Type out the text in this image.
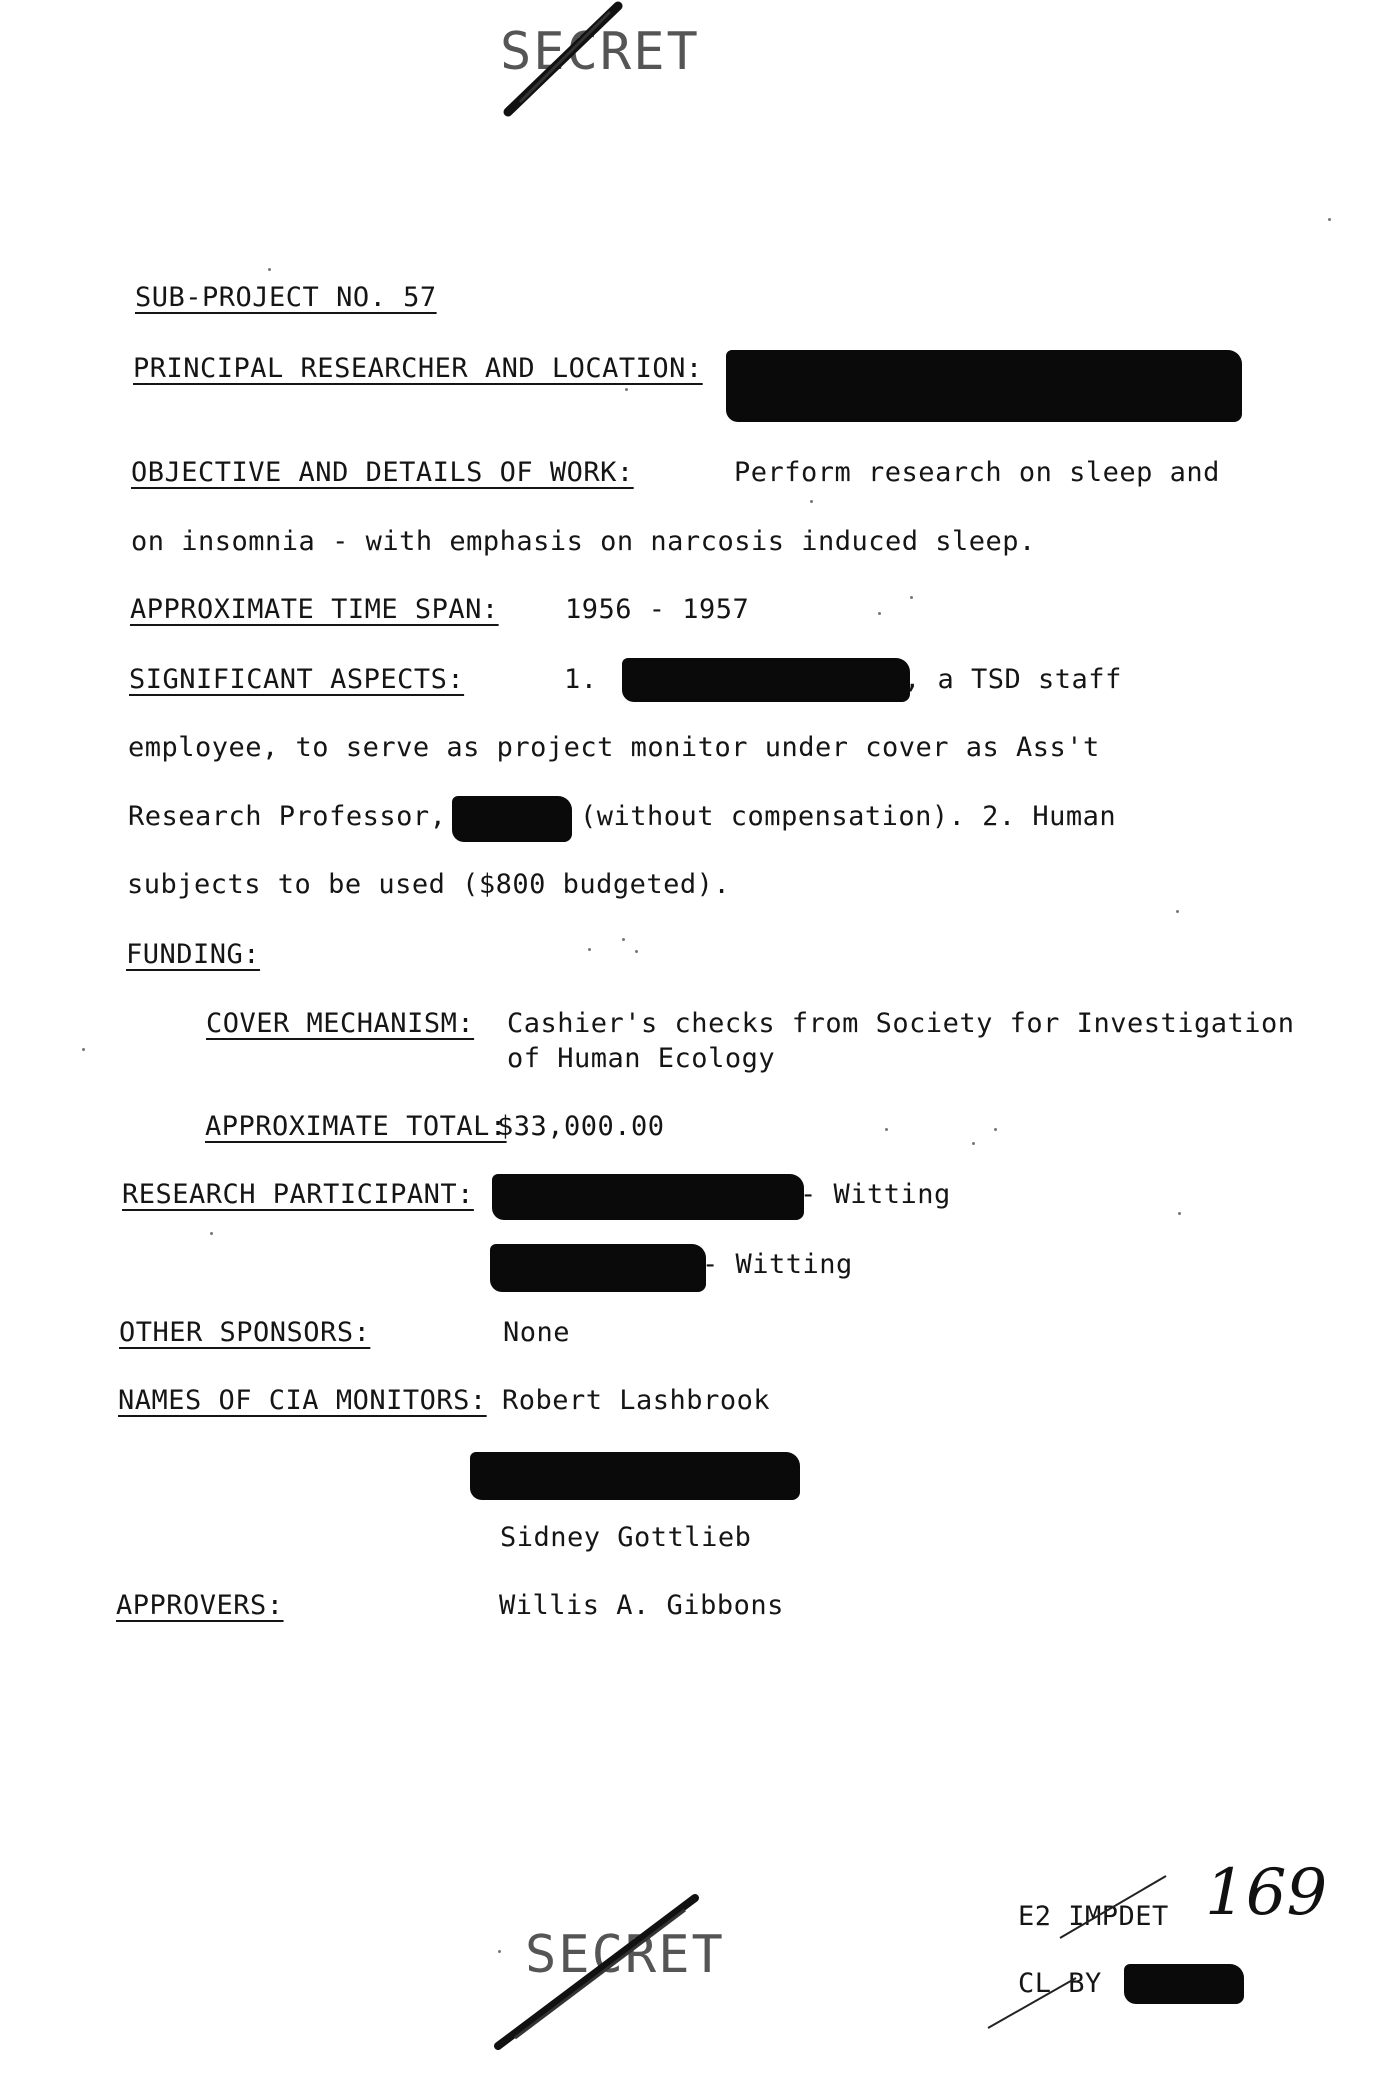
SECRET
SUB-PROJECT NO. 57
PRINCIPAL RESEARCHER AND LOCATION:
OBJECTIVE AND DETAILS OF WORK:	Perform research on sleep and
on insomnia - with emphasis on narcosis induced sleep.
APPROXIMATE TIME SPAN: 1956 - 1957
SIGNIFICANT ASPECTS:	1.	, a TSD staff
employee, to serve as project monitor under cover as Ass't
Research Professor,	(without compensation). 2. Human
subjects to be used ($800 budgeted).
FUNDING:
COVER MECHANISM: Cashier's checks from Society for Investigation
of Human Ecology
APPROXIMATE TOTAL:
$33,000.00
RESEARCH PARTICIPANT:	- Witting
- Witting
OTHER SPONSORS:	None
NAMES OF CIA MONITORS: Robert Lashbrook
Sidney Gottlieb
APPROVERS:	Willis A. Gibbons
SECRET
E2 IMPDET
CL BY
169
